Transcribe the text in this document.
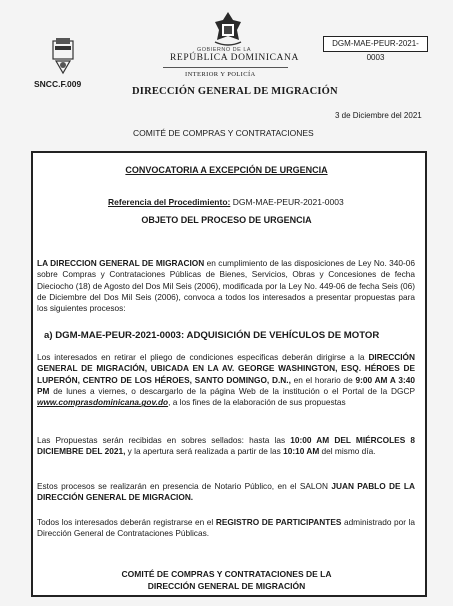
SNCC.F.009
GOBIERNO DE LA
REPÚBLICA DOMINICANA
INTERIOR Y POLICÍA
DIRECCIÓN GENERAL DE MIGRACIÓN
DGM-MAE-PEUR-2021-0003
3 de Diciembre del 2021
COMITÉ DE COMPRAS Y CONTRATACIONES
CONVOCATORIA A EXCEPCIÓN DE URGENCIA
Referencia del Procedimiento: DGM-MAE-PEUR-2021-0003
OBJETO DEL PROCESO DE URGENCIA
LA DIRECCION GENERAL DE MIGRACION en cumplimiento de las disposiciones de Ley No. 340-06 sobre Compras y Contrataciones Públicas de Bienes, Servicios, Obras y Concesiones de fecha Dieciocho (18) de Agosto del Dos Mil Seis (2006), modificada por la Ley No. 449-06 de fecha Seis (06) de Diciembre del Dos Mil Seis (2006), convoca a todos los interesados a presentar propuestas para los siguientes procesos:
a) DGM-MAE-PEUR-2021-0003: ADQUISICIÓN DE VEHÍCULOS DE MOTOR
Los interesados en retirar el pliego de condiciones especificas deberán dirigirse a la DIRECCIÓN GENERAL DE MIGRACIÓN, UBICADA EN LA AV. GEORGE WASHINGTON, ESQ. HÉROES DE LUPERÓN, CENTRO DE LOS HÉROES, SANTO DOMINGO, D.N., en el horario de 9:00 AM A 3:40 PM de lunes a viernes, o descargarlo de la página Web de la institución o el Portal de la DGCP www.comprasdominicana.gov.do, a los fines de la elaboración de sus propuestas
Las Propuestas serán recibidas en sobres sellados: hasta las 10:00 AM DEL MIÉRCOLES 8 DICIEMBRE DEL 2021, y la apertura será realizada a partir de las 10:10 AM del mismo día.
Estos procesos se realizarán en presencia de Notario Público, en el SALON JUAN PABLO DE LA DIRECCIÓN GENERAL DE MIGRACION.
Todos los interesados deberán registrarse en el REGISTRO DE PARTICIPANTES administrado por la Dirección General de Contrataciones Públicas.
COMITÉ DE COMPRAS Y CONTRATACIONES DE LA
DIRECCIÓN GENERAL DE MIGRACIÓN
